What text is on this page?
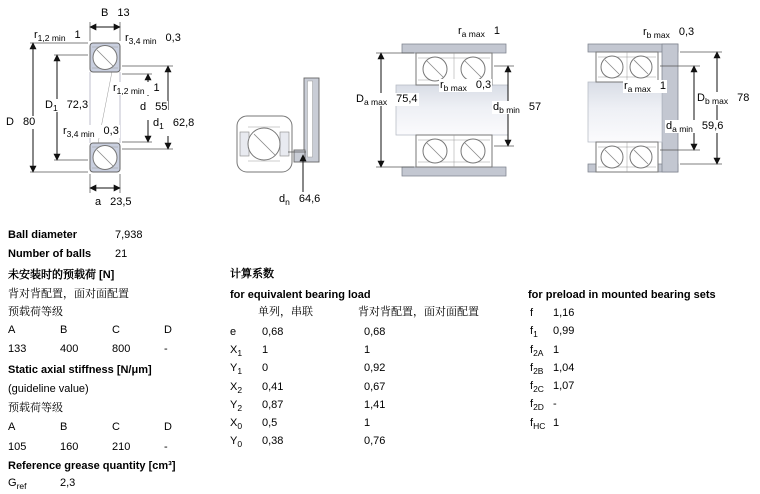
B 13
$r_{1,2 min}$ 1	$r_{3,4 min}$ 0,3
$D_1$ 72,3
$r_{1,2 min}$ 1
d 55
D 80
$r_{3,4 min}$ 0,3
$d_1$ 62,8
a 23,5	$d_n$ 64,6
$r_{a max}$ 1
$D_{a max}$ 75,4
$r_{b max}$ 0,3
$d_{b min}$ 57
$r_{b max}$ 0,3
$r_{a max}$ 1
$D_{b max}$ 78
$d_{a min}$ 59,6
Ball diameter	7,938
Number of balls 21
未安装时的预载荷 [N]
背对背配置，面对面配置
预载荷等级
A	B	C	D
133	400	800	-
Static axial stiffness [N/μm]
(guideline value)
预载荷等级
A	B	C	D
105	160	210	-
Reference grease quantity [cm³]
$G_{ref}$	2,3
计算系数
for equivalent bearing load
单列，串联	背对背配置，面对面配置
e 0,68	0,68
$X_1$ 1	1
$Y_1$ 0	0,92
$X_2$ 0,41	0,67
$Y_2$ 0,87	1,41
$X_0$ 0,5	1
$Y_0$ 0,38	0,76
for preload in mounted bearing sets
f 1,16
$f_1$ 0,99
$f_{2A}$ 1
$f_{2B}$ 1,04
$f_{2C}$ 1,07
$f_{2D}$ -
$f_{HC}$ 1
